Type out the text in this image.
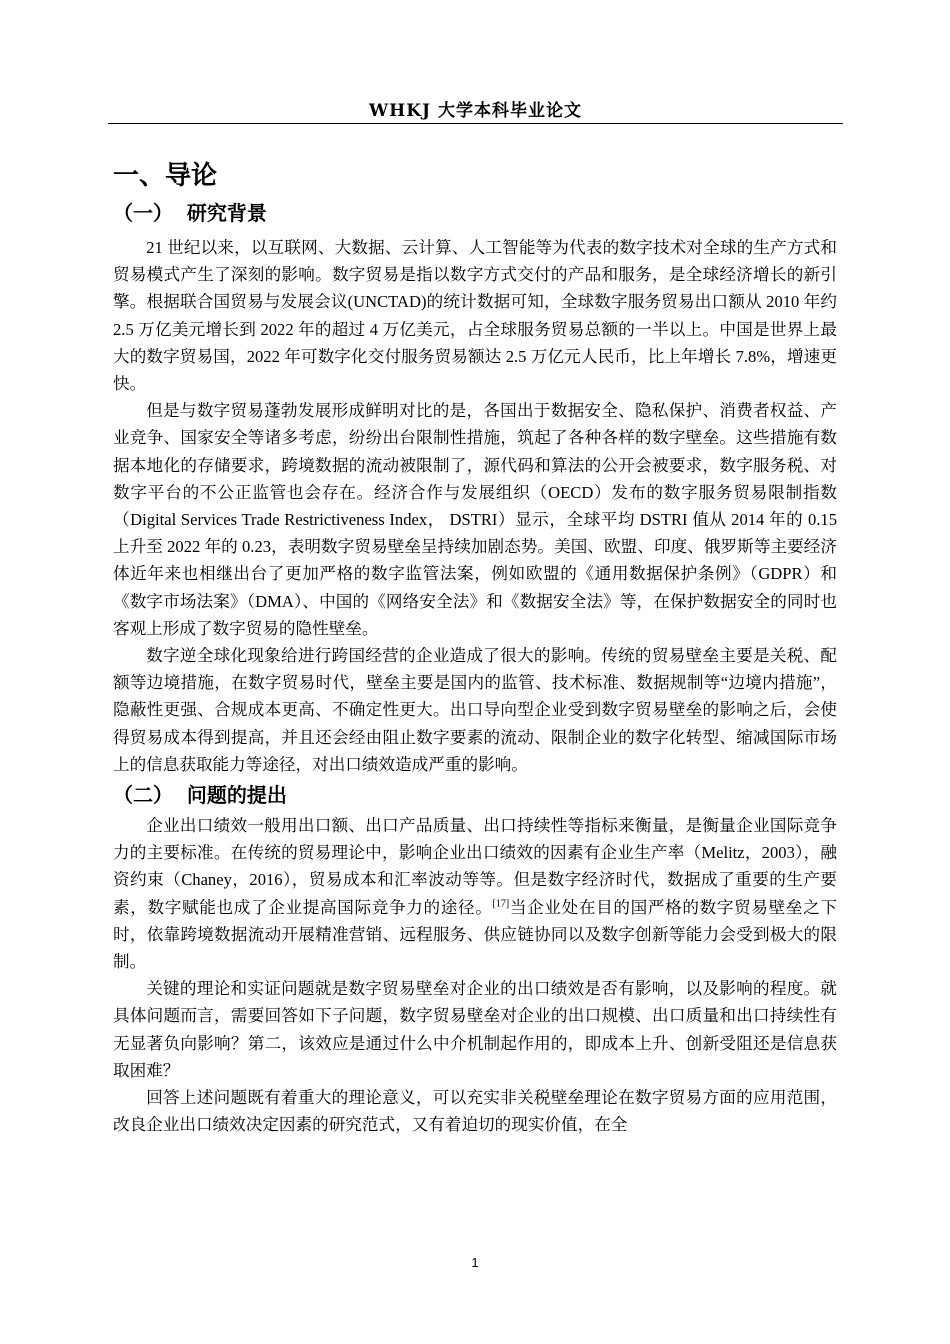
WHKJ 大学本科毕业论文
一、导论
（一）  研究背景

21 世纪以来，以互联网、大数据、云计算、人工智能等为代表的数字技术对全球的生产方式和贸易模式产生了深刻的影响。数字贸易是指以数字方式交付的产品和服务，是全球经济增长的新引擎。根据联合国贸易与发展会议(UNCTAD)的统计数据可知，全球数字服务贸易出口额从 2010 年约 2.5 万亿美元增长到 2022 年的超过 4 万亿美元，占全球服务贸易总额的一半以上。中国是世界上最大的数字贸易国，2022 年可数字化交付服务贸易额达 2.5 万亿元人民币，比上年增长 7.8%，增速更快。

但是与数字贸易蓬勃发展形成鲜明对比的是，各国出于数据安全、隐私保护、消费者权益、产业竞争、国家安全等诸多考虑，纷纷出台限制性措施，筑起了各种各样的数字壁垒。这些措施有数据本地化的存储要求，跨境数据的流动被限制了，源代码和算法的公开会被要求，数字服务税、对数字平台的不公正监管也会存在。经济合作与发展组织（OECD）发布的数字服务贸易限制指数（Digital Services Trade Restrictiveness Index， DSTRI）显示，全球平均 DSTRI 值从 2014 年的 0.15 上升至 2022 年的 0.23，表明数字贸易壁垒呈持续加剧态势。美国、欧盟、印度、俄罗斯等主要经济体近年来也相继出台了更加严格的数字监管法案，例如欧盟的《通用数据保护条例》（GDPR）和《数字市场法案》（DMA）、中国的《网络安全法》和《数据安全法》等，在保护数据安全的同时也客观上形成了数字贸易的隐性壁垒。

数字逆全球化现象给进行跨国经营的企业造成了很大的影响。传统的贸易壁垒主要是关税、配额等边境措施，在数字贸易时代，壁垒主要是国内的监管、技术标准、数据规制等“边境内措施”，隐蔽性更强、合规成本更高、不确定性更大。出口导向型企业受到数字贸易壁垒的影响之后，会使得贸易成本得到提高，并且还会经由阻止数字要素的流动、限制企业的数字化转型、缩减国际市场上的信息获取能力等途径，对出口绩效造成严重的影响。

（二）  问题的提出

企业出口绩效一般用出口额、出口产品质量、出口持续性等指标来衡量，是衡量企业国际竞争力的主要标准。在传统的贸易理论中，影响企业出口绩效的因素有企业生产率（Melitz，2003），融资约束（Chaney，2016），贸易成本和汇率波动等等。但是数字经济时代，数据成了重要的生产要素，数字赋能也成了企业提高国际竞争力的途径。[17]当企业处在目的国严格的数字贸易壁垒之下时，依靠跨境数据流动开展精准营销、远程服务、供应链协同以及数字创新等能力会受到极大的限制。

关键的理论和实证问题就是数字贸易壁垒对企业的出口绩效是否有影响，以及影响的程度。就具体问题而言，需要回答如下子问题，数字贸易壁垒对企业的出口规模、出口质量和出口持续性有无显著负向影响？第二，该效应是通过什么中介机制起作用的，即成本上升、创新受阻还是信息获取困难？

回答上述问题既有着重大的理论意义，可以充实非关税壁垒理论在数字贸易方面的应用范围，改良企业出口绩效决定因素的研究范式，又有着迫切的现实价值，在全

1
